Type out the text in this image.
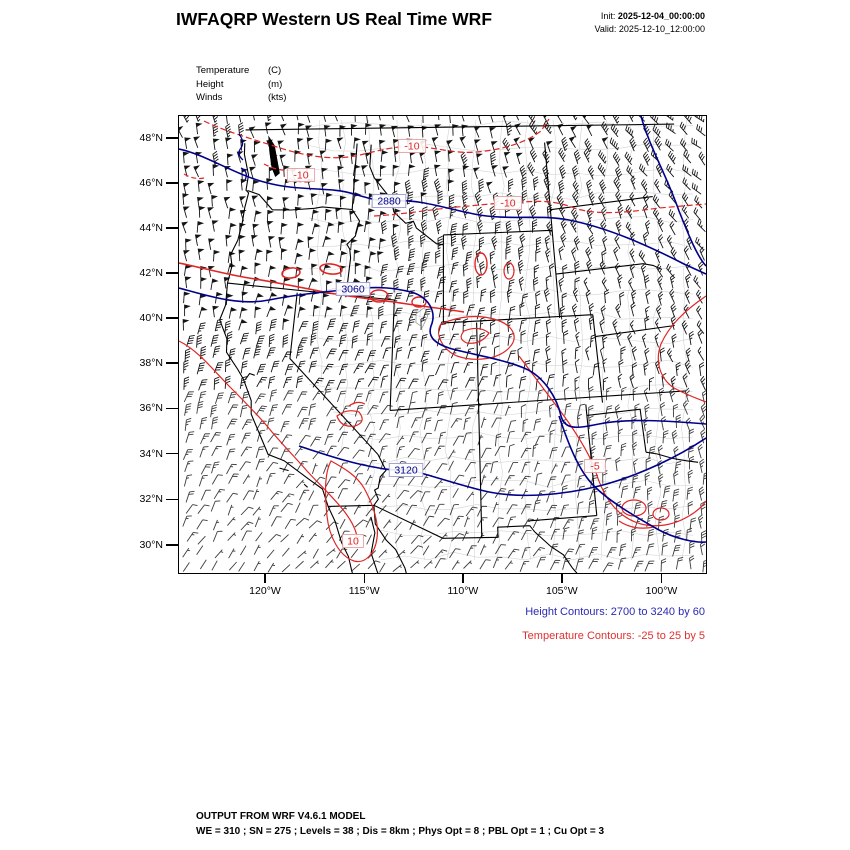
IWFAQRP Western US Real Time WRF	Init: 2025-12-04_00:00:00
Valid: 2025-12-10_12:00:00
Temperature	(C)
Height	(m)
Winds	(kts)
2880
3060
3120
-10
-10
-10
-5
10
48°N
46°N
44°N
42°N
40°N
38°N
36°N
34°N
32°N
30°N
120°W	115°W	110°W	105°W	100°W
Height Contours: 2700 to 3240 by 60
Temperature Contours: -25 to 25 by 5
OUTPUT FROM WRF V4.6.1 MODEL
WE = 310 ; SN = 275 ; Levels = 38 ; Dis = 8km ; Phys Opt = 8 ; PBL Opt = 1 ; Cu Opt = 3
